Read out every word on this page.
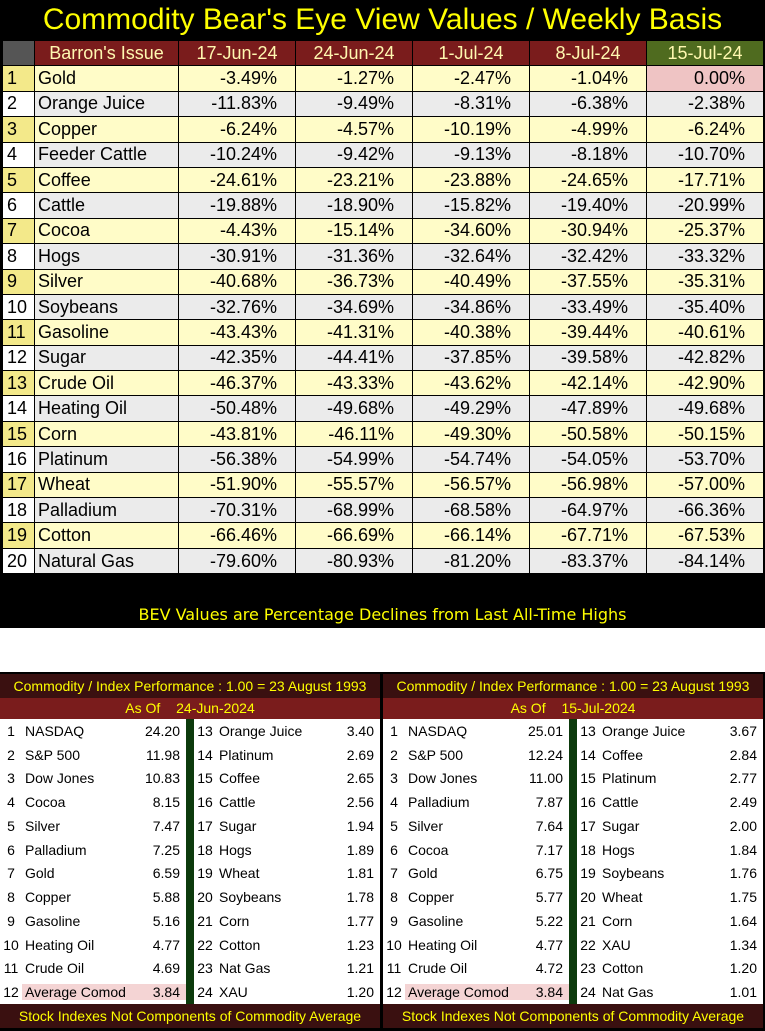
Commodity Bear's Eye View Values / Weekly Basis
	Barron's Issue	17-Jun-24	24-Jun-24	1-Jul-24	8-Jul-24	15-Jul-24
1	Gold	-3.49%	-1.27%	-2.47%	-1.04%	0.00%
2	Orange Juice	-11.83%	-9.49%	-8.31%	-6.38%	-2.38%
3	Copper	-6.24%	-4.57%	-10.19%	-4.99%	-6.24%
4	Feeder Cattle	-10.24%	-9.42%	-9.13%	-8.18%	-10.70%
5	Coffee	-24.61%	-23.21%	-23.88%	-24.65%	-17.71%
6	Cattle	-19.88%	-18.90%	-15.82%	-19.40%	-20.99%
7	Cocoa	-4.43%	-15.14%	-34.60%	-30.94%	-25.37%
8	Hogs	-30.91%	-31.36%	-32.64%	-32.42%	-33.32%
9	Silver	-40.68%	-36.73%	-40.49%	-37.55%	-35.31%
10	Soybeans	-32.76%	-34.69%	-34.86%	-33.49%	-35.40%
11	Gasoline	-43.43%	-41.31%	-40.38%	-39.44%	-40.61%
12	Sugar	-42.35%	-44.41%	-37.85%	-39.58%	-42.82%
13	Crude Oil	-46.37%	-43.33%	-43.62%	-42.14%	-42.90%
14	Heating Oil	-50.48%	-49.68%	-49.29%	-47.89%	-49.68%
15	Corn	-43.81%	-46.11%	-49.30%	-50.58%	-50.15%
16	Platinum	-56.38%	-54.99%	-54.74%	-54.05%	-53.70%
17	Wheat	-51.90%	-55.57%	-56.57%	-56.98%	-57.00%
18	Palladium	-70.31%	-68.99%	-68.58%	-64.97%	-66.36%
19	Cotton	-66.46%	-66.69%	-66.14%	-67.71%	-67.53%
20	Natural Gas	-79.60%	-80.93%	-81.20%	-83.37%	-84.14%
BEV Values are Percentage Declines from Last All-Time Highs
Commodity / Index Performance : 1.00 = 23 August 1993
As Of 24-Jun-2024
1 NASDAQ	24.20
2 S&P 500	11.98
3 Dow Jones	10.83
4 Cocoa	8.15
5 Silver	7.47
6 Palladium	7.25
7 Gold	6.59
8 Copper	5.88
9 Gasoline	5.16
10 Heating Oil	4.77
11 Crude Oil	4.69
12 Average Comod	3.84
13 Orange Juice	3.40
14 Platinum	2.69
15 Coffee	2.65
16 Cattle	2.56
17 Sugar	1.94
18 Hogs	1.89
19 Wheat	1.81
20 Soybeans	1.78
21 Corn	1.77
22 Cotton	1.23
23 Nat Gas	1.21
24 XAU	1.20
Stock Indexes Not Components of Commodity Average
Commodity / Index Performance : 1.00 = 23 August 1993
As Of 15-Jul-2024
1 NASDAQ	25.01
2 S&P 500	12.24
3 Dow Jones	11.00
4 Palladium	7.87
5 Silver	7.64
6 Cocoa	7.17
7 Gold	6.75
8 Copper	5.77
9 Gasoline	5.22
10 Heating Oil	4.77
11 Crude Oil	4.72
12 Average Comod	3.84
13 Orange Juice	3.67
14 Coffee	2.84
15 Platinum	2.77
16 Cattle	2.49
17 Sugar	2.00
18 Hogs	1.84
19 Soybeans	1.76
20 Wheat	1.75
21 Corn	1.64
22 XAU	1.34
23 Cotton	1.20
24 Nat Gas	1.01
Stock Indexes Not Components of Commodity Average
